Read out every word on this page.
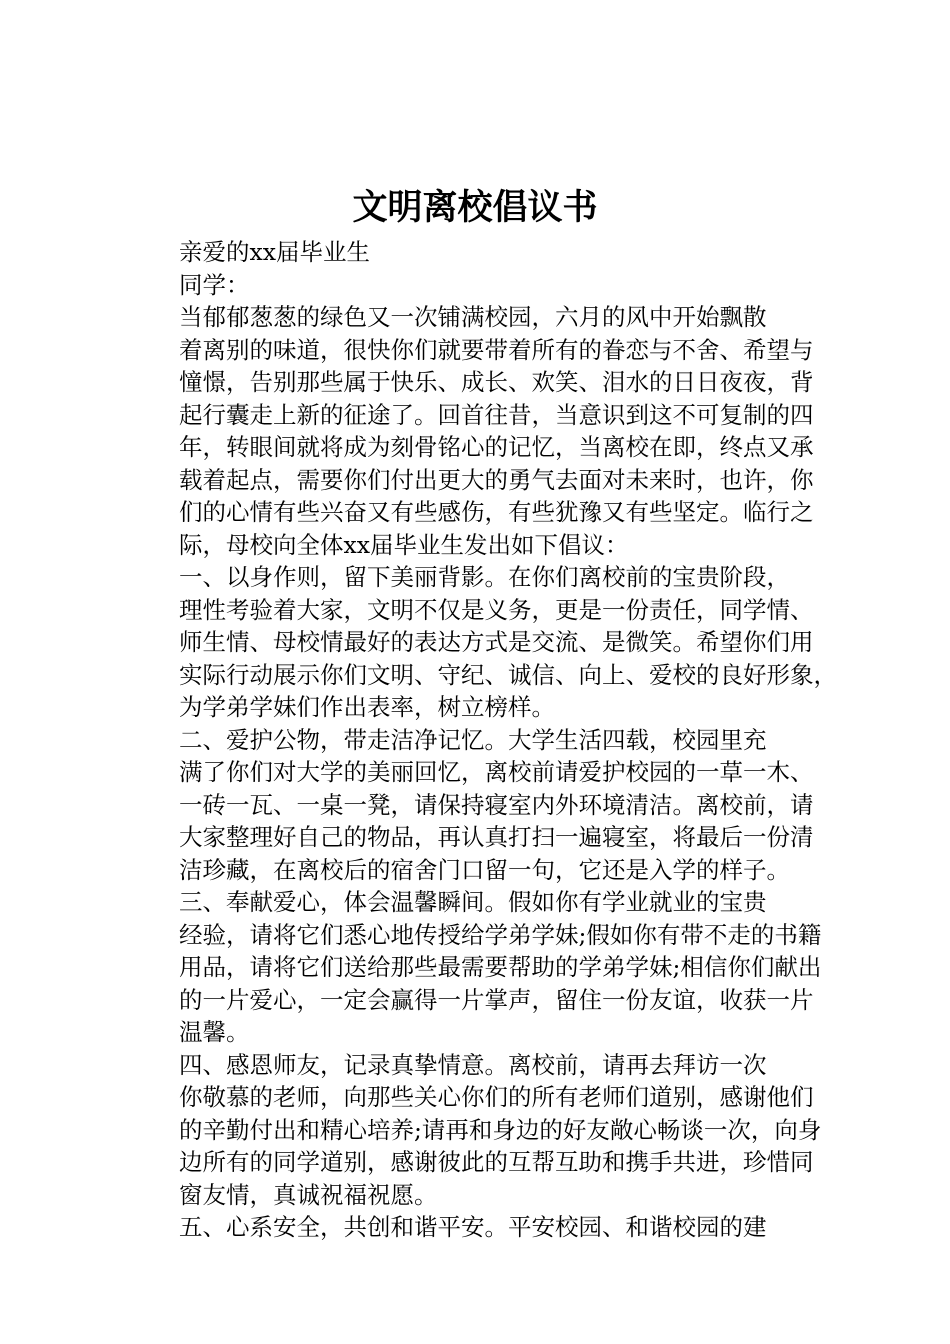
文明离校倡议书

亲爱的xx届毕业生

同学：

当郁郁葱葱的绿色又一次铺满校园，六月的风中开始飘散
着离别的味道，很快你们就要带着所有的眷恋与不舍、希望与
憧憬，告别那些属于快乐、成长、欢笑、泪水的日日夜夜，背
起行囊走上新的征途了。回首往昔，当意识到这不可复制的四
年，转眼间就将成为刻骨铭心的记忆，当离校在即，终点又承
载着起点，需要你们付出更大的勇气去面对未来时，也许，你
们的心情有些兴奋又有些感伤，有些犹豫又有些坚定。临行之
际，母校向全体xx届毕业生发出如下倡议：

一、以身作则，留下美丽背影。在你们离校前的宝贵阶段，
理性考验着大家，文明不仅是义务，更是一份责任，同学情、
师生情、母校情最好的表达方式是交流、是微笑。希望你们用
实际行动展示你们文明、守纪、诚信、向上、爱校的良好形象，
为学弟学妹们作出表率，树立榜样。

二、爱护公物，带走洁净记忆。大学生活四载，校园里充
满了你们对大学的美丽回忆，离校前请爱护校园的一草一木、
一砖一瓦、一桌一凳，请保持寝室内外环境清洁。离校前，请
大家整理好自己的物品，再认真打扫一遍寝室，将最后一份清
洁珍藏，在离校后的宿舍门口留一句，它还是入学的样子。

三、奉献爱心，体会温馨瞬间。假如你有学业就业的宝贵
经验，请将它们悉心地传授给学弟学妹;假如你有带不走的书籍
用品，请将它们送给那些最需要帮助的学弟学妹;相信你们献出
的一片爱心，一定会赢得一片掌声，留住一份友谊，收获一片
温馨。

四、感恩师友，记录真挚情意。离校前，请再去拜访一次
你敬慕的老师，向那些关心你们的所有老师们道别，感谢他们
的辛勤付出和精心培养;请再和身边的好友敞心畅谈一次，向身
边所有的同学道别，感谢彼此的互帮互助和携手共进，珍惜同
窗友情，真诚祝福祝愿。

五、心系安全，共创和谐平安。平安校园、和谐校园的建
